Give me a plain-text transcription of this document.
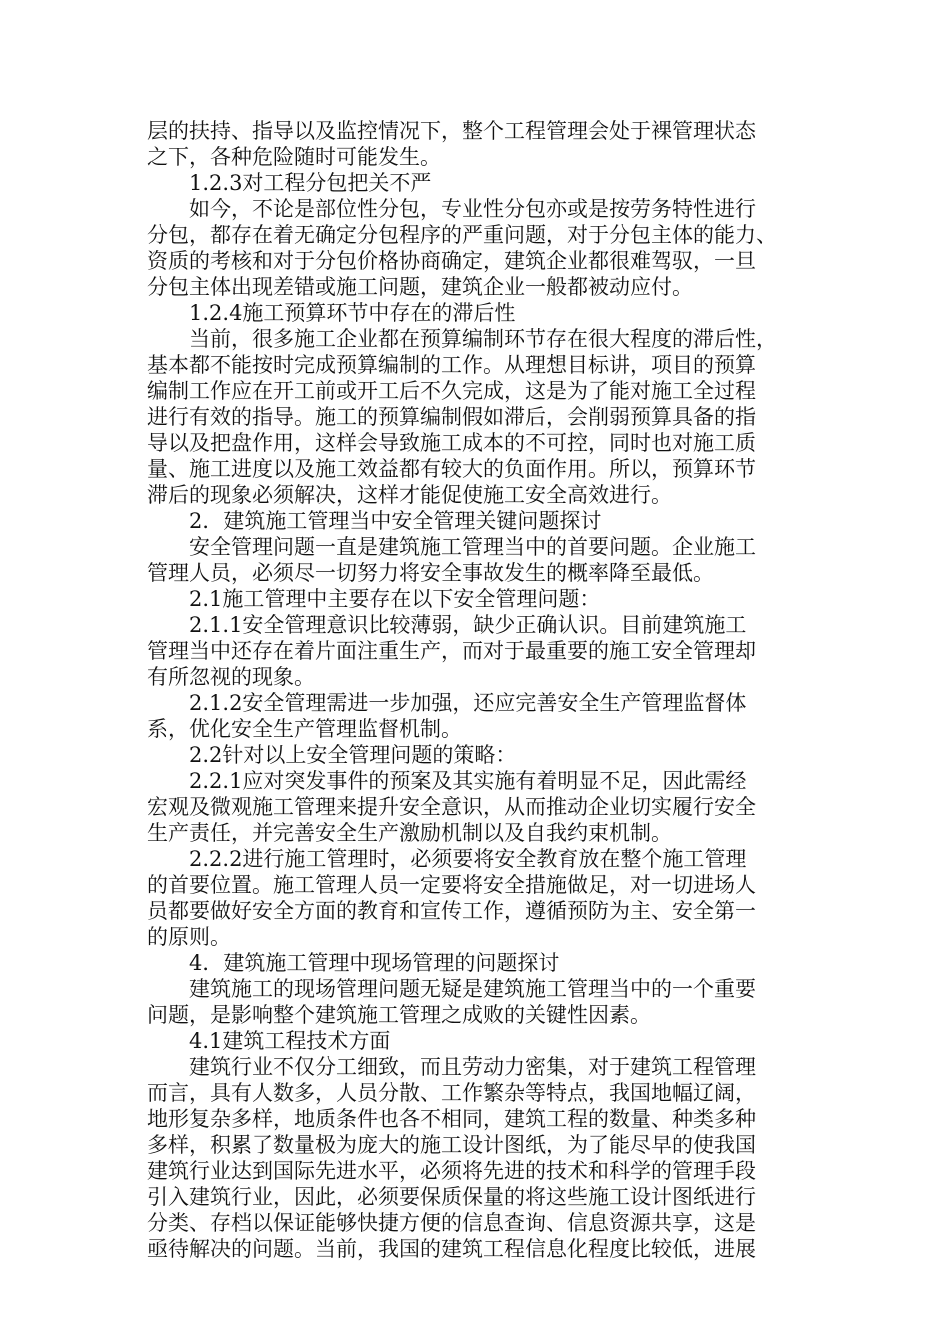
层的扶持、指导以及监控情况下，整个工程管理会处于裸管理状态
之下，各种危险随时可能发生。
1.2.3对工程分包把关不严
如今，不论是部位性分包，专业性分包亦或是按劳务特性进行
分包，都存在着无确定分包程序的严重问题，对于分包主体的能力、
资质的考核和对于分包价格协商确定，建筑企业都很难驾驭，一旦
分包主体出现差错或施工问题，建筑企业一般都被动应付。
1.2.4施工预算环节中存在的滞后性
当前，很多施工企业都在预算编制环节存在很大程度的滞后性，
基本都不能按时完成预算编制的工作。从理想目标讲，项目的预算
编制工作应在开工前或开工后不久完成，这是为了能对施工全过程
进行有效的指导。施工的预算编制假如滞后，会削弱预算具备的指
导以及把盘作用，这样会导致施工成本的不可控，同时也对施工质
量、施工进度以及施工效益都有较大的负面作用。所以，预算环节
滞后的现象必须解决，这样才能促使施工安全高效进行。
2．建筑施工管理当中安全管理关键问题探讨
安全管理问题一直是建筑施工管理当中的首要问题。企业施工
管理人员，必须尽一切努力将安全事故发生的概率降至最低。
2.1施工管理中主要存在以下安全管理问题：
2.1.1安全管理意识比较薄弱，缺少正确认识。目前建筑施工
管理当中还存在着片面注重生产，而对于最重要的施工安全管理却
有所忽视的现象。
2.1.2安全管理需进一步加强，还应完善安全生产管理监督体
系，优化安全生产管理监督机制。
2.2针对以上安全管理问题的策略：
2.2.1应对突发事件的预案及其实施有着明显不足，因此需经
宏观及微观施工管理来提升安全意识，从而推动企业切实履行安全
生产责任，并完善安全生产激励机制以及自我约束机制。
2.2.2进行施工管理时，必须要将安全教育放在整个施工管理
的首要位置。施工管理人员一定要将安全措施做足，对一切进场人
员都要做好安全方面的教育和宣传工作，遵循预防为主、安全第一
的原则。
4．建筑施工管理中现场管理的问题探讨
建筑施工的现场管理问题无疑是建筑施工管理当中的一个重要
问题，是影响整个建筑施工管理之成败的关键性因素。
4.1建筑工程技术方面
建筑行业不仅分工细致，而且劳动力密集，对于建筑工程管理
而言，具有人数多，人员分散、工作繁杂等特点，我国地幅辽阔，
地形复杂多样，地质条件也各不相同，建筑工程的数量、种类多种
多样，积累了数量极为庞大的施工设计图纸，为了能尽早的使我国
建筑行业达到国际先进水平，必须将先进的技术和科学的管理手段
引入建筑行业，因此，必须要保质保量的将这些施工设计图纸进行
分类、存档以保证能够快捷方便的信息查询、信息资源共享，这是
亟待解决的问题。当前，我国的建筑工程信息化程度比较低，进展
